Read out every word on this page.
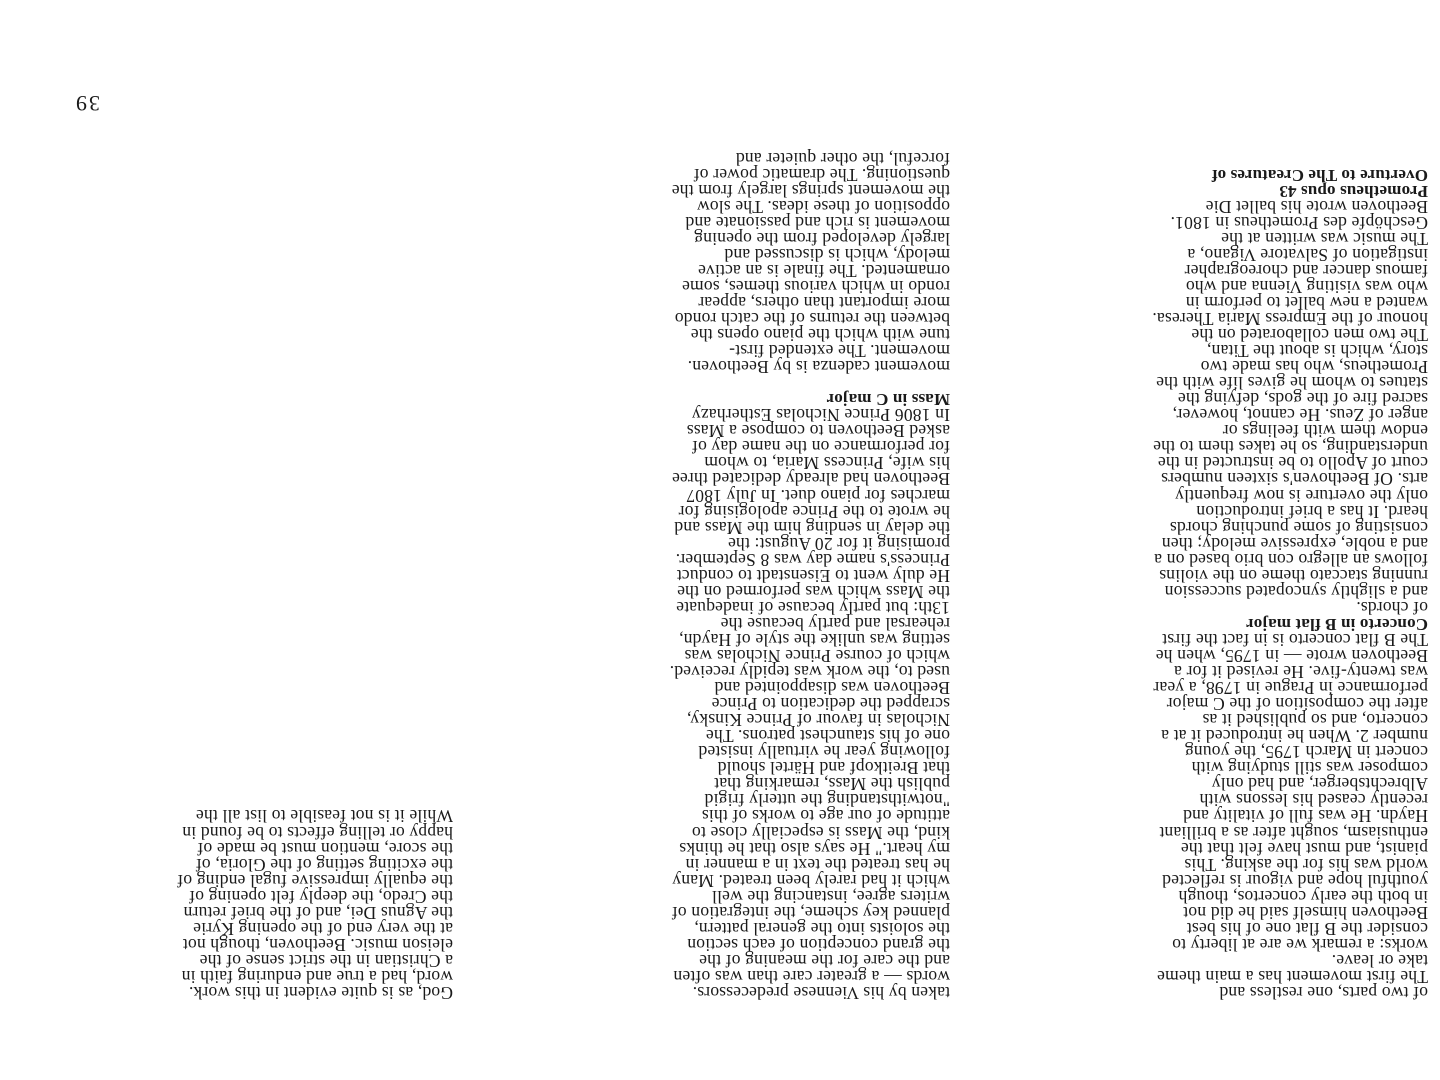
of two parts, one restless and
The first movement has a main theme
take or leave.
works: a remark we are at liberty to
consider the B flat one of his best
Beethoven himself said he did not
in both the early concertos, though
youthful hope and vigour is reflected
world was his for the asking. This
pianist, and must have felt that the
enthusiasm, sought after as a brilliant
Haydn. He was full of vitality and
recently ceased his lessons with
Albrechtsberger, and had only
composer was still studying with
concert in March 1795, the young
number 2. When he introduced it at a
concerto, and so published it as
after the composition of the C major
performance in Prague in 1798, a year
was twenty-five. He revised it for a
Beethoven wrote — in 1795, when he
The B flat concerto is in fact the first
Concerto in B flat major
of chords.
and a slightly syncopated succession
running staccato theme on the violins
follows an allegro con brio based on a
and a noble, expressive melody; then
consisting of some punching chords
heard. It has a brief introduction
only the overture is now frequently
arts. Of Beethoven's sixteen numbers
court of Apollo to be instructed in the
understanding, so he takes them to the
endow them with feelings or
anger of Zeus. He cannot, however,
sacred fire of the gods, defying the
statues to whom he gives life with the
Prometheus, who has made two
story, which is about the Titan,
The two men collaborated on the
honour of the Empress Maria Theresa.
wanted a new ballet to perform in
who was visiting Vienna and who
famous dancer and choreographer
instigation of Salvatore Vigano, a
The music was written at the
Geschöpfe des Prometheus in 1801.
Beethoven wrote his ballet Die
Prometheus opus 43
Overture to The Creatures of
taken by his Viennese predecessors.
words — a greater care than was often
and the care for the meaning of the
the grand conception of each section
the soloists into the general pattern,
planned key scheme, the integration of
writers agree, instancing the well
which it had rarely been treated. Many
he has treated the text in a manner in
my heart." He says also that he thinks
kind, the Mass is especially close to
attitude of our age to works of this
"notwithstanding the utterly frigid
publish the Mass, remarking that
that Breitkopf and Härtel should
following year he virtually insisted
one of his staunchest patrons. The
Nicholas in favour of Prince Kinsky,
scrapped the dedication to Prince
Beethoven was disappointed and
used to, the work was tepidly received.
which of course Prince Nicholas was
setting was unlike the style of Haydn,
rehearsal and partly because the
13th: but partly because of inadequate
the Mass which was performed on the
He duly went to Eisenstadt to conduct
Princess's name day was 8 September.
promising it for 20 August: the
the delay in sending him the Mass and
he wrote to the Prince apologising for
marches for piano duet. In July 1807
Beethoven had already dedicated three
his wife, Princess Maria, to whom
for performance on the name day of
asked Beethoven to compose a Mass
In 1806 Prince Nicholas Estherhazy
Mass in C major
movement cadenza is by Beethoven.
movement. The extended first-
tune with which the piano opens the
between the returns of the catch rondo
more important than others, appear
rondo in which various themes, some
ornamented. The finale is an active
melody, which is discussed and
largely developed from the opening
movement is rich and passionate and
opposition of these ideas. The slow
the movement springs largely from the
questioning. The dramatic power of
forceful, the other quieter and
God, as is quite evident in this work.
word, had a true and enduring faith in
a Christian in the strict sense of the
eleison music. Beethoven, though not
at the very end of the opening Kyrie
the Agnus Dei, and of the brief return
the Credo, the deeply felt opening of
the equally impressive fugal ending of
the exciting setting of the Gloria, of
the score, mention must be made of
happy or telling effects to be found in
While it is not feasible to list all the
39
